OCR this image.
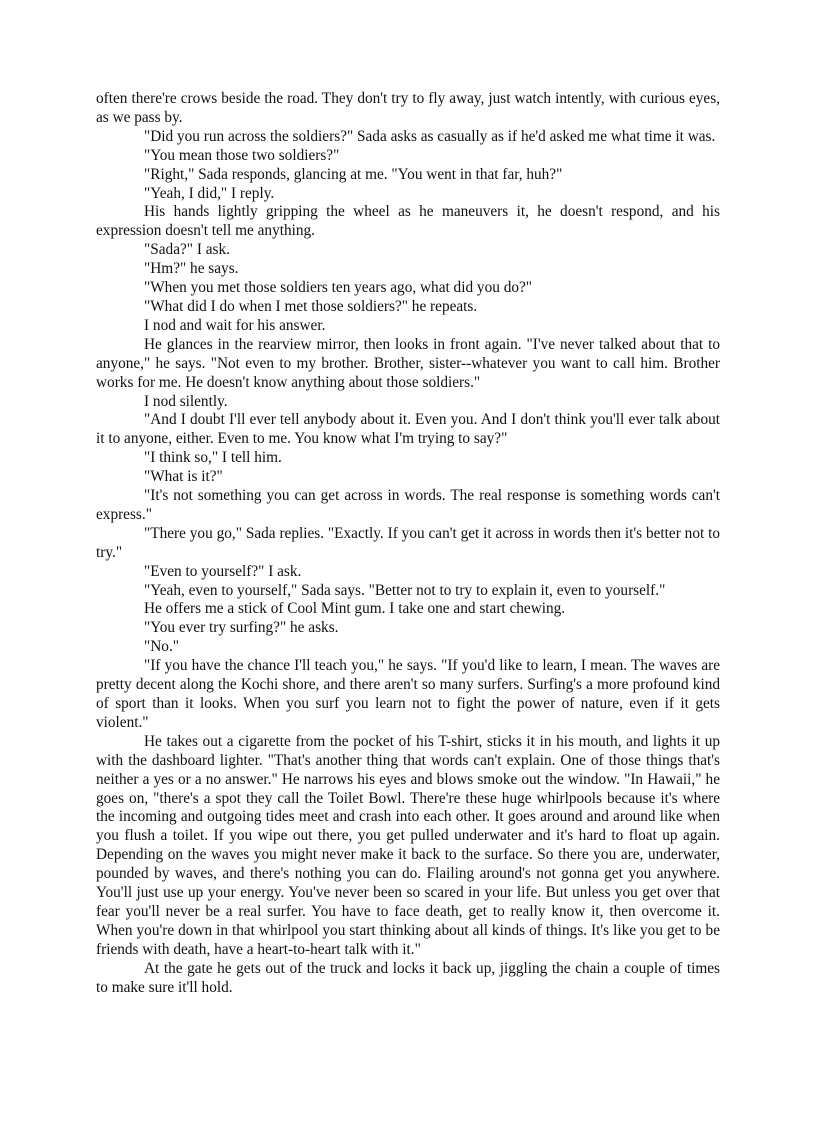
often there're crows beside the road. They don't try to fly away, just watch intently, with curious eyes, as we pass by.

"Did you run across the soldiers?" Sada asks as casually as if he'd asked me what time it was.

"You mean those two soldiers?"

"Right," Sada responds, glancing at me. "You went in that far, huh?"

"Yeah, I did," I reply.

His hands lightly gripping the wheel as he maneuvers it, he doesn't respond, and his expression doesn't tell me anything.

"Sada?" I ask.

"Hm?" he says.

"When you met those soldiers ten years ago, what did you do?"

"What did I do when I met those soldiers?" he repeats.

I nod and wait for his answer.

He glances in the rearview mirror, then looks in front again. "I've never talked about that to anyone," he says. "Not even to my brother. Brother, sister--whatever you want to call him. Brother works for me. He doesn't know anything about those soldiers."

I nod silently.

"And I doubt I'll ever tell anybody about it. Even you. And I don't think you'll ever talk about it to anyone, either. Even to me. You know what I'm trying to say?"

"I think so," I tell him.

"What is it?"

"It's not something you can get across in words. The real response is something words can't express."

"There you go," Sada replies. "Exactly. If you can't get it across in words then it's better not to try."

"Even to yourself?" I ask.

"Yeah, even to yourself," Sada says. "Better not to try to explain it, even to yourself."

He offers me a stick of Cool Mint gum. I take one and start chewing.

"You ever try surfing?" he asks.

"No."

"If you have the chance I'll teach you," he says. "If you'd like to learn, I mean. The waves are pretty decent along the Kochi shore, and there aren't so many surfers. Surfing's a more profound kind of sport than it looks. When you surf you learn not to fight the power of nature, even if it gets violent."

He takes out a cigarette from the pocket of his T-shirt, sticks it in his mouth, and lights it up with the dashboard lighter. "That's another thing that words can't explain. One of those things that's neither a yes or a no answer." He narrows his eyes and blows smoke out the window. "In Hawaii," he goes on, "there's a spot they call the Toilet Bowl. There're these huge whirlpools because it's where the incoming and outgoing tides meet and crash into each other. It goes around and around like when you flush a toilet. If you wipe out there, you get pulled underwater and it's hard to float up again. Depending on the waves you might never make it back to the surface. So there you are, underwater, pounded by waves, and there's nothing you can do. Flailing around's not gonna get you anywhere. You'll just use up your energy. You've never been so scared in your life. But unless you get over that fear you'll never be a real surfer. You have to face death, get to really know it, then overcome it. When you're down in that whirlpool you start thinking about all kinds of things. It's like you get to be friends with death, have a heart-to-heart talk with it."

At the gate he gets out of the truck and locks it back up, jiggling the chain a couple of times to make sure it'll hold.
